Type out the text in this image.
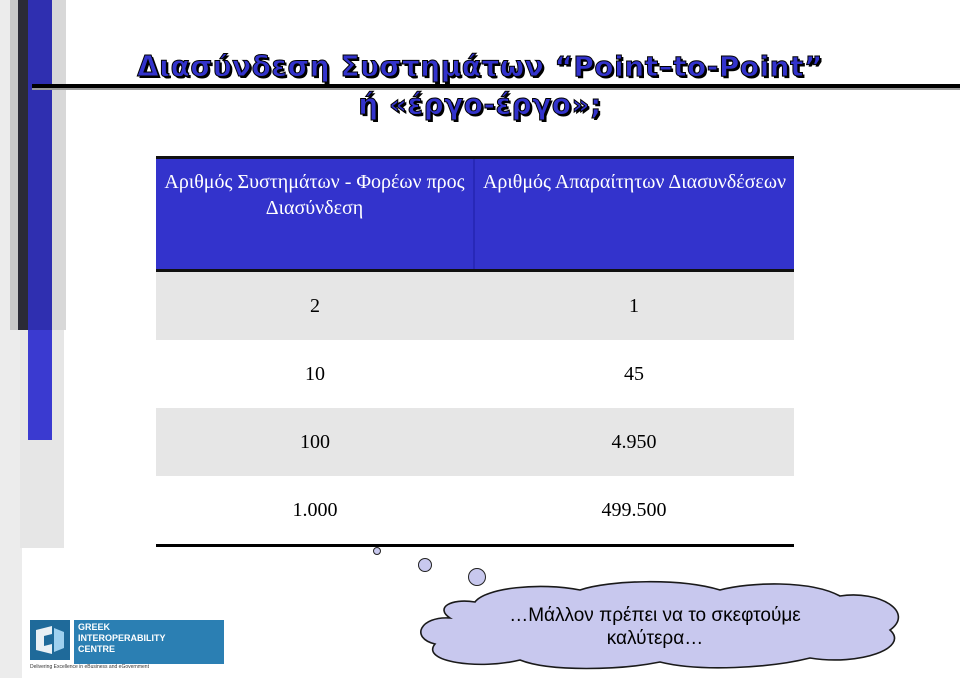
Διασύνδεση Συστημάτων “Point–to-Point”
ή «έργο-έργο»;
Αριθμός Συστημάτων - Φορέων προς Διασύνδεση	Αριθμός Απαραίτητων Διασυνδέσεων
2	1
10	45
100	4.950
1.000	499.500
…Μάλλον πρέπει να το σκεφτούμε
καλύτερα…
GREEK
INTEROPERABILITY
CENTRE
Delivering Excellence in eBusiness and eGovernment
